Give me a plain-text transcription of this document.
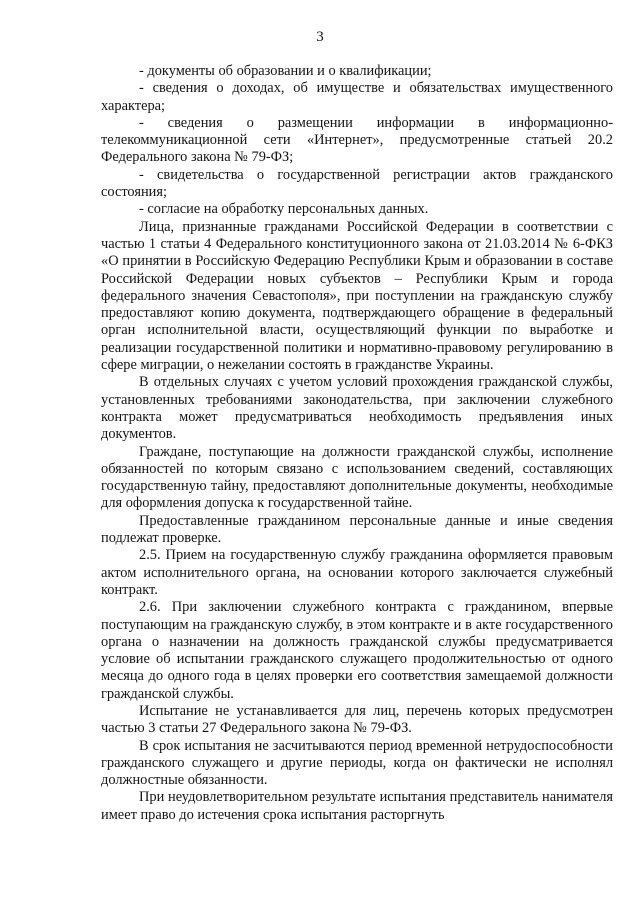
3

- документы об образовании и о квалификации;

- сведения о доходах, об имуществе и обязательствах имущественного характера;

- сведения о размещении информации в информационно-телекоммуникационной сети «Интернет», предусмотренные статьей 20.2 Федерального закона № 79-ФЗ;

- свидетельства о государственной регистрации актов гражданского состояния;

- согласие на обработку персональных данных.

Лица, признанные гражданами Российской Федерации в соответствии с частью 1 статьи 4 Федерального конституционного закона от 21.03.2014 № 6-ФКЗ «О принятии в Российскую Федерацию Республики Крым и образовании в составе Российской Федерации новых субъектов – Республики Крым и города федерального значения Севастополя», при поступлении на гражданскую службу предоставляют копию документа, подтверждающего обращение в федеральный орган исполнительной власти, осуществляющий функции по выработке и реализации государственной политики и нормативно-правовому регулированию в сфере миграции, о нежелании состоять в гражданстве Украины.

В отдельных случаях с учетом условий прохождения гражданской службы, установленных требованиями законодательства, при заключении служебного контракта может предусматриваться необходимость предъявления иных документов.

Граждане, поступающие на должности гражданской службы, исполнение обязанностей по которым связано с использованием сведений, составляющих государственную тайну, предоставляют дополнительные документы, необходимые для оформления допуска к государственной тайне.

Предоставленные гражданином персональные данные и иные сведения подлежат проверке.

2.5. Прием на государственную службу гражданина оформляется правовым актом исполнительного органа, на основании которого заключается служебный контракт.

2.6. При заключении служебного контракта с гражданином, впервые поступающим на гражданскую службу, в этом контракте и в акте государственного органа о назначении на должность гражданской службы предусматривается условие об испытании гражданского служащего продолжительностью от одного месяца до одного года в целях проверки его соответствия замещаемой должности гражданской службы.

Испытание не устанавливается для лиц, перечень которых предусмотрен частью 3 статьи 27 Федерального закона № 79-ФЗ.

В срок испытания не засчитываются период временной нетрудоспособности гражданского служащего и другие периоды, когда он фактически не исполнял должностные обязанности.

При неудовлетворительном результате испытания представитель нанимателя имеет право до истечения срока испытания расторгнуть
